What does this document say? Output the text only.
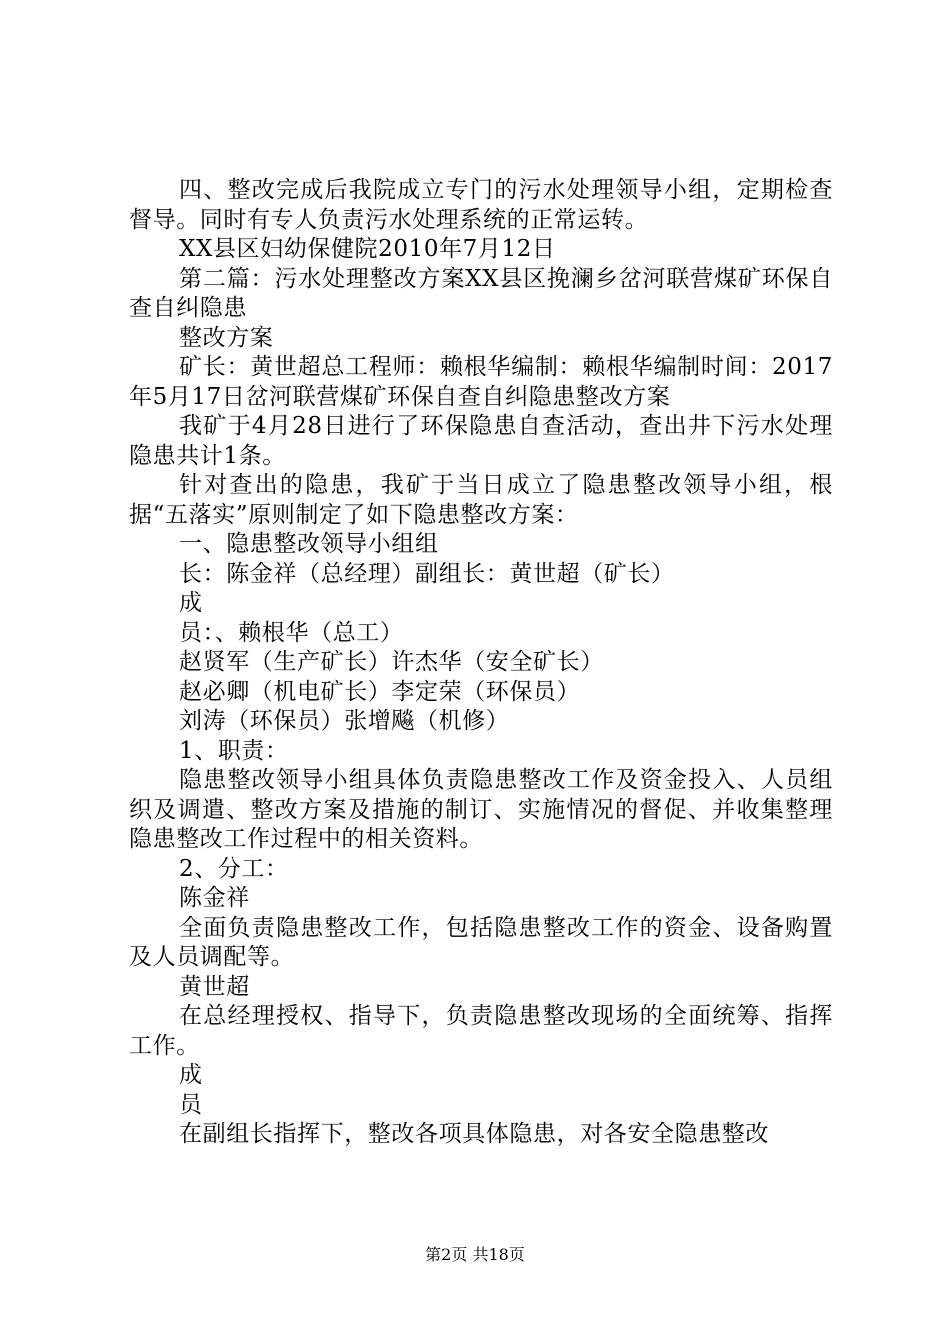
四、整改完成后我院成立专门的污水处理领导小组，定期检查督导。同时有专人负责污水处理系统的正常运转。

XX县区妇幼保健院2010年7月12日

第二篇：污水处理整改方案XX县区挽澜乡岔河联营煤矿环保自查自纠隐患

整改方案

矿长：黄世超总工程师：赖根华编制：赖根华编制时间：2017年5月17日岔河联营煤矿环保自查自纠隐患整改方案

我矿于4月28日进行了环保隐患自查活动，查出井下污水处理隐患共计1条。

针对查出的隐患，我矿于当日成立了隐患整改领导小组，根据“五落实”原则制定了如下隐患整改方案：

一、隐患整改领导小组组

长：陈金祥（总经理）副组长：黄世超（矿长）

成

员：、赖根华（总工）

赵贤军（生产矿长）许杰华（安全矿长）

赵必卿（机电矿长）李定荣（环保员）

刘涛（环保员）张增飚（机修）

1、职责：

隐患整改领导小组具体负责隐患整改工作及资金投入、人员组织及调遣、整改方案及措施的制订、实施情况的督促、并收集整理隐患整改工作过程中的相关资料。

2、分工：

陈金祥

全面负责隐患整改工作，包括隐患整改工作的资金、设备购置及人员调配等。

黄世超

在总经理授权、指导下，负责隐患整改现场的全面统筹、指挥工作。

成

员

在副组长指挥下，整改各项具体隐患，对各安全隐患整改

第2页 共18页
